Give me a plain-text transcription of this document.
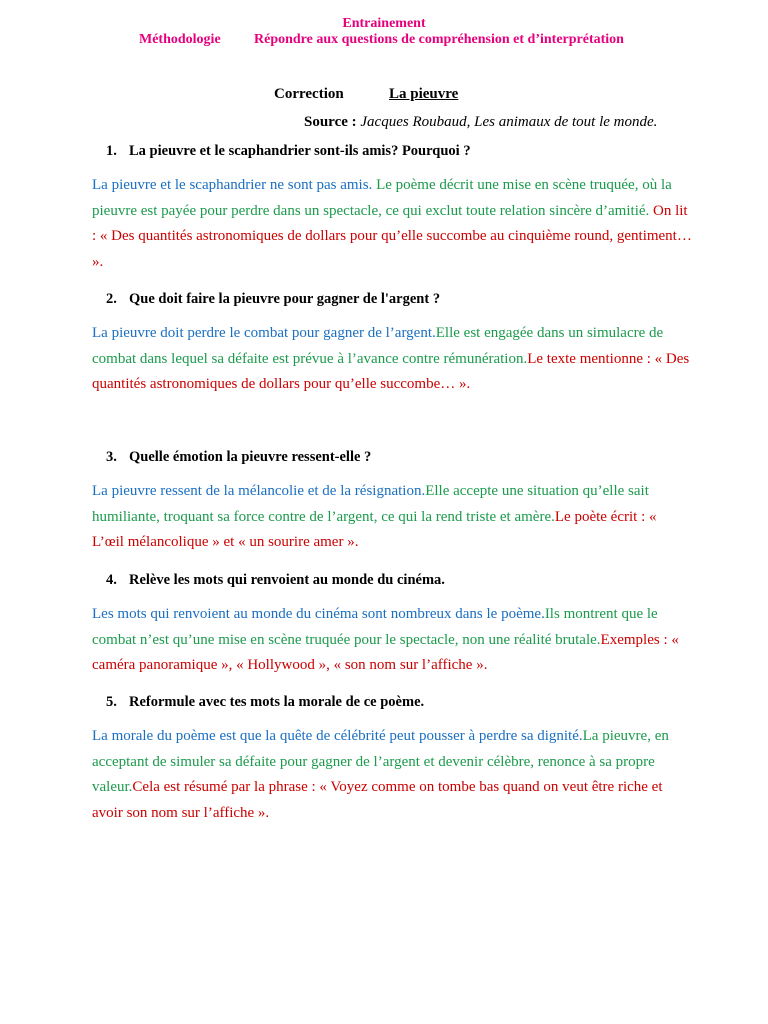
Entrainement
Méthodologie Répondre aux questions de compréhension et d’interprétation
Correction	La pieuvre
Source : Jacques Roubaud, Les animaux de tout le monde.
1. La pieuvre et le scaphandrier sont-ils amis? Pourquoi ?

La pieuvre et le scaphandrier ne sont pas amis. Le poème décrit une mise en scène truquée, où la pieuvre est payée pour perdre dans un spectacle, ce qui exclut toute relation sincère d’amitié. On lit : « Des quantités astronomiques de dollars pour qu’elle succombe au cinquième round, gentiment… ».

2. Que doit faire la pieuvre pour gagner de l'argent ?

La pieuvre doit perdre le combat pour gagner de l’argent.Elle est engagée dans un simulacre de combat dans lequel sa défaite est prévue à l’avance contre rémunération.Le texte mentionne : « Des quantités astronomiques de dollars pour qu’elle succombe… ».

3. Quelle émotion la pieuvre ressent-elle ?

La pieuvre ressent de la mélancolie et de la résignation.Elle accepte une situation qu’elle sait humiliante, troquant sa force contre de l’argent, ce qui la rend triste et amère.Le poète écrit : « L’œil mélancolique » et « un sourire amer ».

4. Relève les mots qui renvoient au monde du cinéma.

Les mots qui renvoient au monde du cinéma sont nombreux dans le poème.Ils montrent que le combat n’est qu’une mise en scène truquée pour le spectacle, non une réalité brutale.Exemples : « caméra panoramique », « Hollywood », « son nom sur l’affiche ».

5. Reformule avec tes mots la morale de ce poème.

La morale du poème est que la quête de célébrité peut pousser à perdre sa dignité.La pieuvre, en acceptant de simuler sa défaite pour gagner de l’argent et devenir célèbre, renonce à sa propre valeur.Cela est résumé par la phrase : « Voyez comme on tombe bas quand on veut être riche et avoir son nom sur l’affiche ».
